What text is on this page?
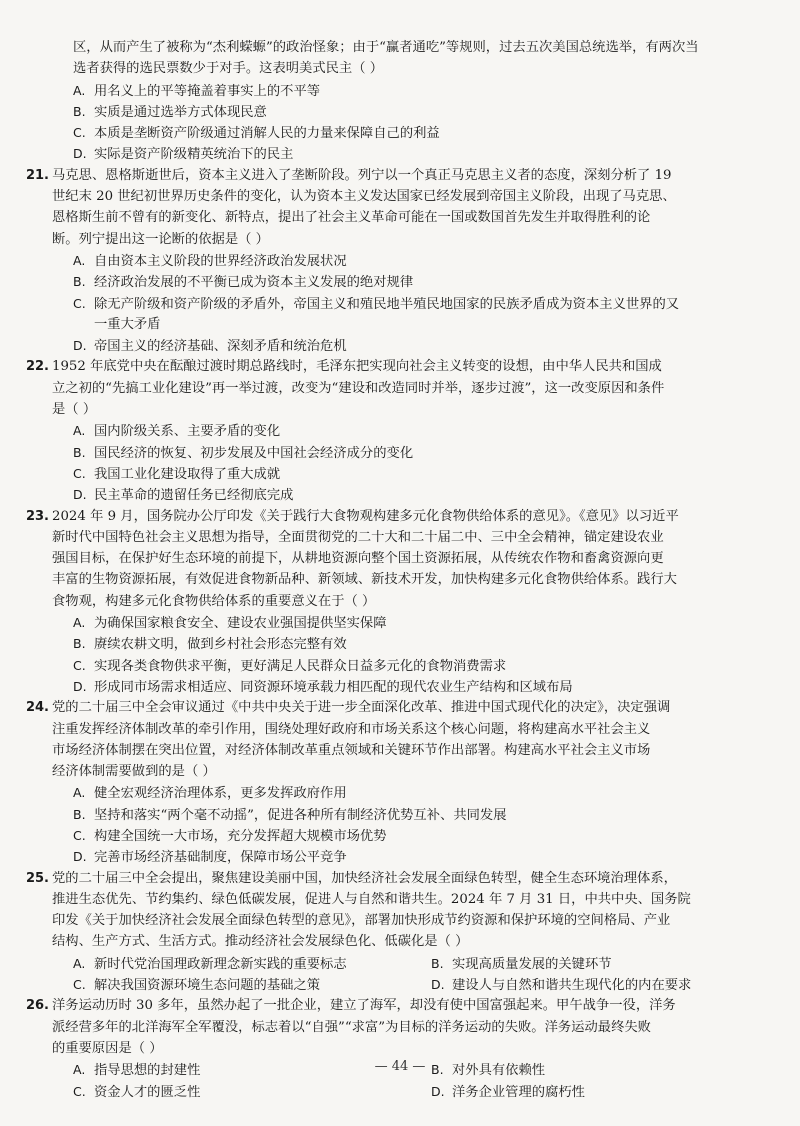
区，从而产生了被称为“杰利蝾螈”的政治怪象；由于“赢者通吃”等规则，过去五次美国总统选举，有两次当
选者获得的选民票数少于对手。这表明美式民主（ ）
A. 用名义上的平等掩盖着事实上的不平等
B. 实质是通过选举方式体现民意
C. 本质是垄断资产阶级通过消解人民的力量来保障自己的利益
D. 实际是资产阶级精英统治下的民主
21. 马克思、恩格斯逝世后，资本主义进入了垄断阶段。列宁以一个真正马克思主义者的态度，深刻分析了 19
世纪末 20 世纪初世界历史条件的变化，认为资本主义发达国家已经发展到帝国主义阶段，出现了马克思、
恩格斯生前不曾有的新变化、新特点，提出了社会主义革命可能在一国或数国首先发生并取得胜利的论
断。列宁提出这一论断的依据是（ ）
A. 自由资本主义阶段的世界经济政治发展状况
B. 经济政治发展的不平衡已成为资本主义发展的绝对规律
C. 除无产阶级和资产阶级的矛盾外，帝国主义和殖民地半殖民地国家的民族矛盾成为资本主义世界的又
一重大矛盾
D. 帝国主义的经济基础、深刻矛盾和统治危机
22. 1952 年底党中央在酝酿过渡时期总路线时，毛泽东把实现向社会主义转变的设想，由中华人民共和国成
立之初的“先搞工业化建设”再一举过渡，改变为“建设和改造同时并举，逐步过渡”，这一改变原因和条件
是（ ）
A. 国内阶级关系、主要矛盾的变化
B. 国民经济的恢复、初步发展及中国社会经济成分的变化
C. 我国工业化建设取得了重大成就
D. 民主革命的遗留任务已经彻底完成
23. 2024 年 9 月，国务院办公厅印发《关于践行大食物观构建多元化食物供给体系的意见》。《意见》以习近平
新时代中国特色社会主义思想为指导，全面贯彻党的二十大和二十届二中、三中全会精神，锚定建设农业
强国目标，在保护好生态环境的前提下，从耕地资源向整个国土资源拓展，从传统农作物和畜禽资源向更
丰富的生物资源拓展，有效促进食物新品种、新领域、新技术开发，加快构建多元化食物供给体系。践行大
食物观，构建多元化食物供给体系的重要意义在于（ ）
A. 为确保国家粮食安全、建设农业强国提供坚实保障
B. 赓续农耕文明，做到乡村社会形态完整有效
C. 实现各类食物供求平衡，更好满足人民群众日益多元化的食物消费需求
D. 形成同市场需求相适应、同资源环境承载力相匹配的现代农业生产结构和区域布局
24. 党的二十届三中全会审议通过《中共中央关于进一步全面深化改革、推进中国式现代化的决定》，决定强调
注重发挥经济体制改革的牵引作用，围绕处理好政府和市场关系这个核心问题，将构建高水平社会主义
市场经济体制摆在突出位置，对经济体制改革重点领域和关键环节作出部署。构建高水平社会主义市场
经济体制需要做到的是（ ）
A. 健全宏观经济治理体系，更多发挥政府作用
B. 坚持和落实“两个毫不动摇”，促进各种所有制经济优势互补、共同发展
C. 构建全国统一大市场，充分发挥超大规模市场优势
D. 完善市场经济基础制度，保障市场公平竞争
25. 党的二十届三中全会提出，聚焦建设美丽中国，加快经济社会发展全面绿色转型，健全生态环境治理体系，
推进生态优先、节约集约、绿色低碳发展，促进人与自然和谐共生。2024 年 7 月 31 日，中共中央、国务院
印发《关于加快经济社会发展全面绿色转型的意见》，部署加快形成节约资源和保护环境的空间格局、产业
结构、生产方式、生活方式。推动经济社会发展绿色化、低碳化是（ ）
A. 新时代党治国理政新理念新实践的重要标志	B. 实现高质量发展的关键环节
C. 解决我国资源环境生态问题的基础之策	D. 建设人与自然和谐共生现代化的内在要求
26. 洋务运动历时 30 多年，虽然办起了一批企业，建立了海军，却没有使中国富强起来。甲午战争一役，洋务
派经营多年的北洋海军全军覆没，标志着以“自强”“求富”为目标的洋务运动的失败。洋务运动最终失败
的重要原因是（ ）
A. 指导思想的封建性	B. 对外具有依赖性
C. 资金人才的匮乏性	D. 洋务企业管理的腐朽性
— 44 —
